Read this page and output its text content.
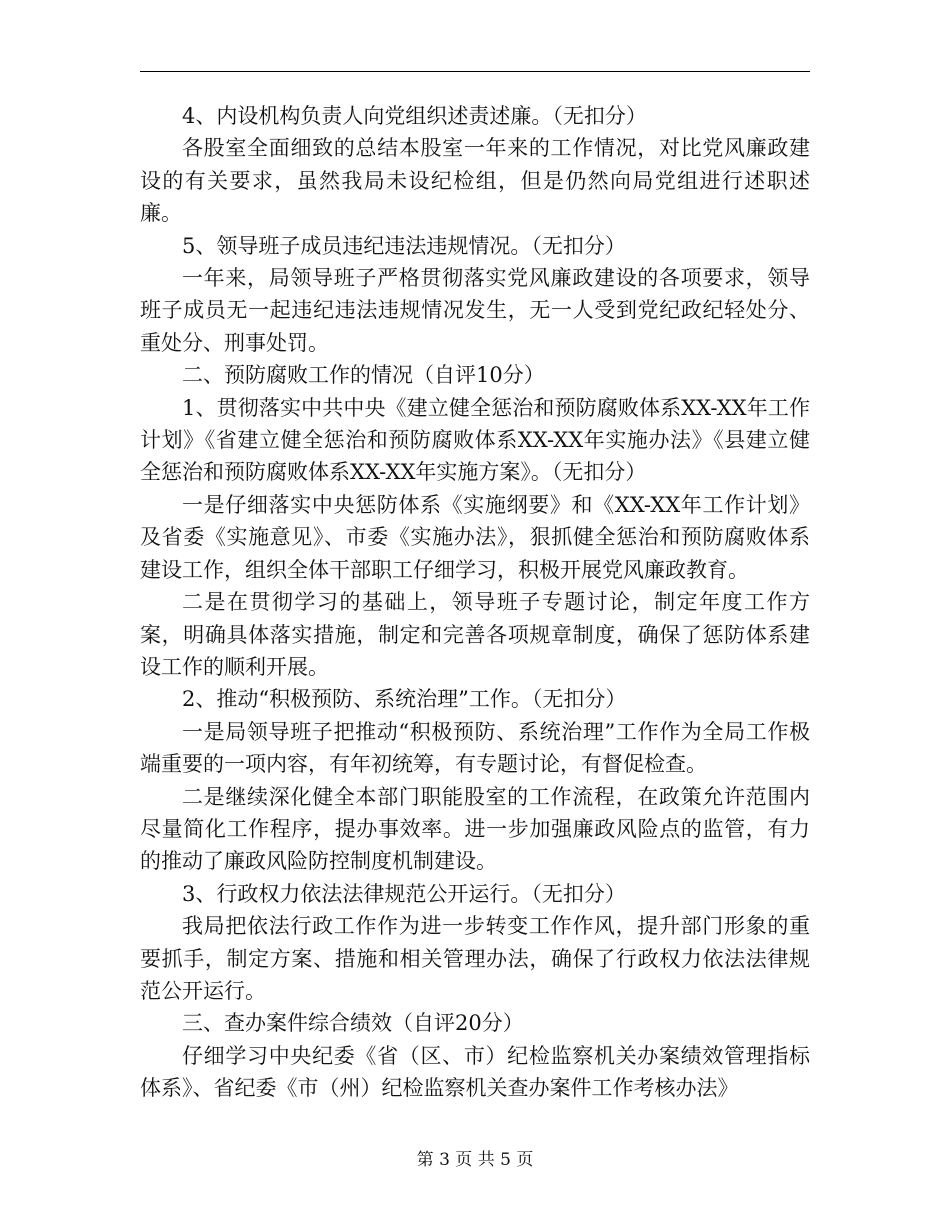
4、内设机构负责人向党组织述责述廉。（无扣分）

各股室全面细致的总结本股室一年来的工作情况，对比党风廉政建设的有关要求，虽然我局未设纪检组，但是仍然向局党组进行述职述廉。

5、领导班子成员违纪违法违规情况。（无扣分）

一年来，局领导班子严格贯彻落实党风廉政建设的各项要求，领导班子成员无一起违纪违法违规情况发生，无一人受到党纪政纪轻处分、重处分、刑事处罚。

二、预防腐败工作的情况（自评10分）

1、贯彻落实中共中央《建立健全惩治和预防腐败体系XX-XX年工作计划》《省建立健全惩治和预防腐败体系XX-XX年实施办法》《县建立健全惩治和预防腐败体系XX-XX年实施方案》。（无扣分）

一是仔细落实中央惩防体系《实施纲要》和《XX-XX年工作计划》及省委《实施意见》、市委《实施办法》，狠抓健全惩治和预防腐败体系建设工作，组织全体干部职工仔细学习，积极开展党风廉政教育。

二是在贯彻学习的基础上，领导班子专题讨论，制定年度工作方案，明确具体落实措施，制定和完善各项规章制度，确保了惩防体系建设工作的顺利开展。

2、推动“积极预防、系统治理”工作。（无扣分）

一是局领导班子把推动“积极预防、系统治理”工作作为全局工作极端重要的一项内容，有年初统筹，有专题讨论，有督促检查。

二是继续深化健全本部门职能股室的工作流程，在政策允许范围内尽量简化工作程序，提办事效率。进一步加强廉政风险点的监管，有力的推动了廉政风险防控制度机制建设。

3、行政权力依法法律规范公开运行。（无扣分）

我局把依法行政工作作为进一步转变工作作风，提升部门形象的重要抓手，制定方案、措施和相关管理办法，确保了行政权力依法法律规范公开运行。

三、查办案件综合绩效（自评20分）

仔细学习中央纪委《省（区、市）纪检监察机关办案绩效管理指标体系》、省纪委《市（州）纪检监察机关查办案件工作考核办法》

第 3 页 共 5 页
